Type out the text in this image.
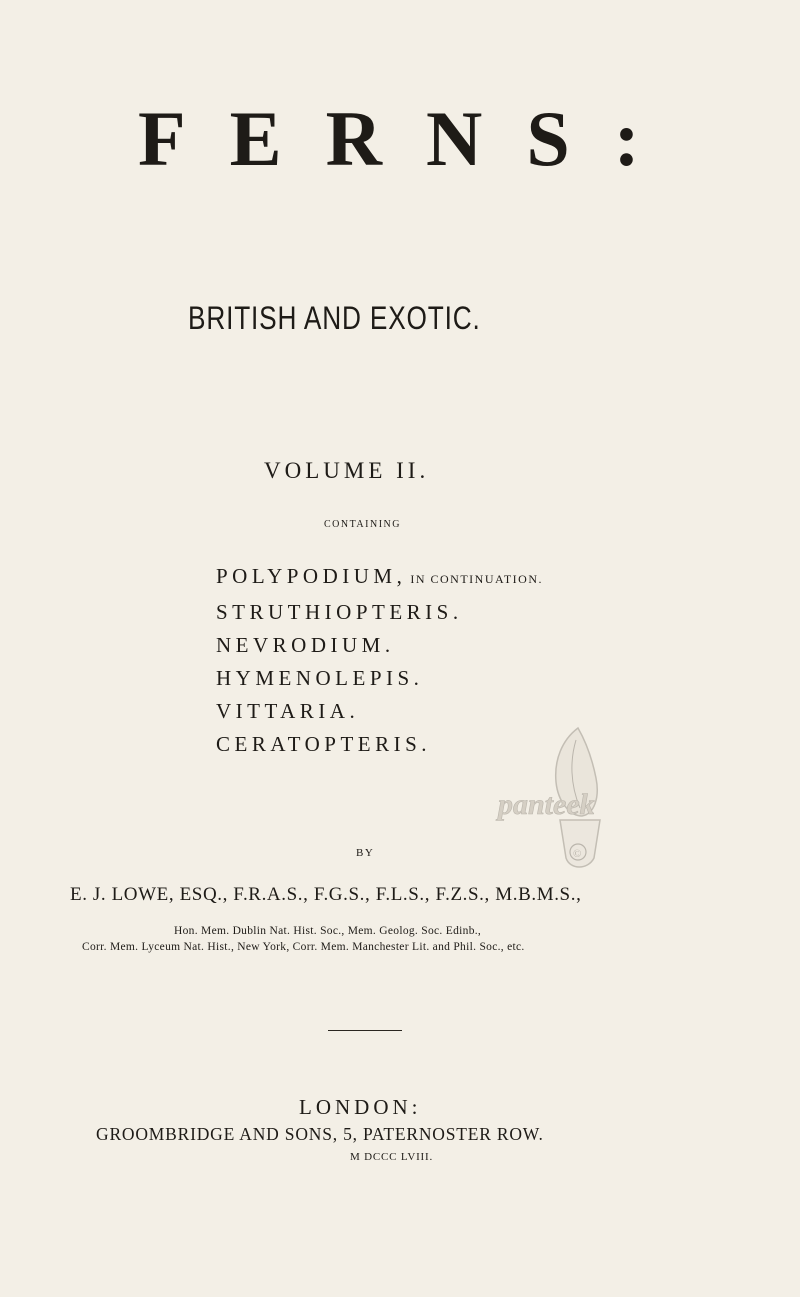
FERNS:
BRITISH AND EXOTIC.
VOLUME II.
CONTAINING
POLYPODIUM, IN CONTINUATION.
STRUTHIOPTERIS.
NEVRODIUM.
HYMENOLEPIS.
VITTARIA.
CERATOPTERIS.
panteek
©
BY
E. J. LOWE, ESQ., F.R.A.S., F.G.S., F.L.S., F.Z.S., M.B.M.S.,
Hon. Mem. Dublin Nat. Hist. Soc., Mem. Geolog. Soc. Edinb.,
Corr. Mem. Lyceum Nat. Hist., New York, Corr. Mem. Manchester Lit. and Phil. Soc., etc.
LONDON:
GROOMBRIDGE AND SONS, 5, PATERNOSTER ROW.
M DCCC LVIII.
